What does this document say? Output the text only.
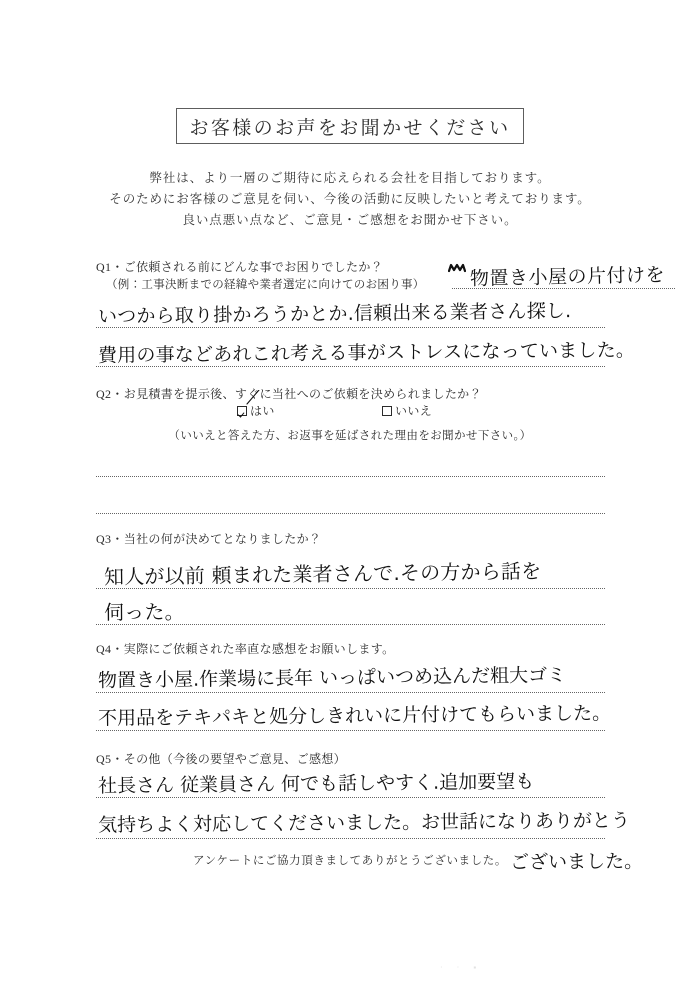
お客様のお声をお聞かせください
弊社は、より一層のご期待に応えられる会社を目指しております。
そのためにお客様のご意見を伺い、今後の活動に反映したいと考えております。
良い点悪い点など、ご意見・ご感想をお聞かせ下さい。
Q1・ご依頼される前にどんな事でお困りでしたか？
（例：工事決断までの経緯や業者選定に向けてのお困り事） 物置き小屋の片付けを
いつから取り掛かろうかとか.信頼出来る業者さん探し.
費用の事などあれこれ考える事がストレスになっていました。
Q2・お見積書を提示後、すぐに当社へのご依頼を決められましたか？
はい	いいえ
（いいえと答えた方、お返事を延ばされた理由をお聞かせ下さい。）
Q3・当社の何が決めてとなりましたか？
知人が以前 頼まれた業者さんで.その方から話を
伺った。
Q4・実際にご依頼された率直な感想をお願いします。
物置き小屋.作業場に長年 いっぱいつめ込んだ粗大ゴミ
不用品をテキパキと処分しきれいに片付けてもらいました。
Q5・その他（今後の要望やご意見、ご感想）
社長さん 従業員さん 何でも話しやすく.追加要望も
気持ちよく対応してくださいました。お世話になりありがとう
ございました。
アンケートにご協力頂きましてありがとうございました。
· · ▪
